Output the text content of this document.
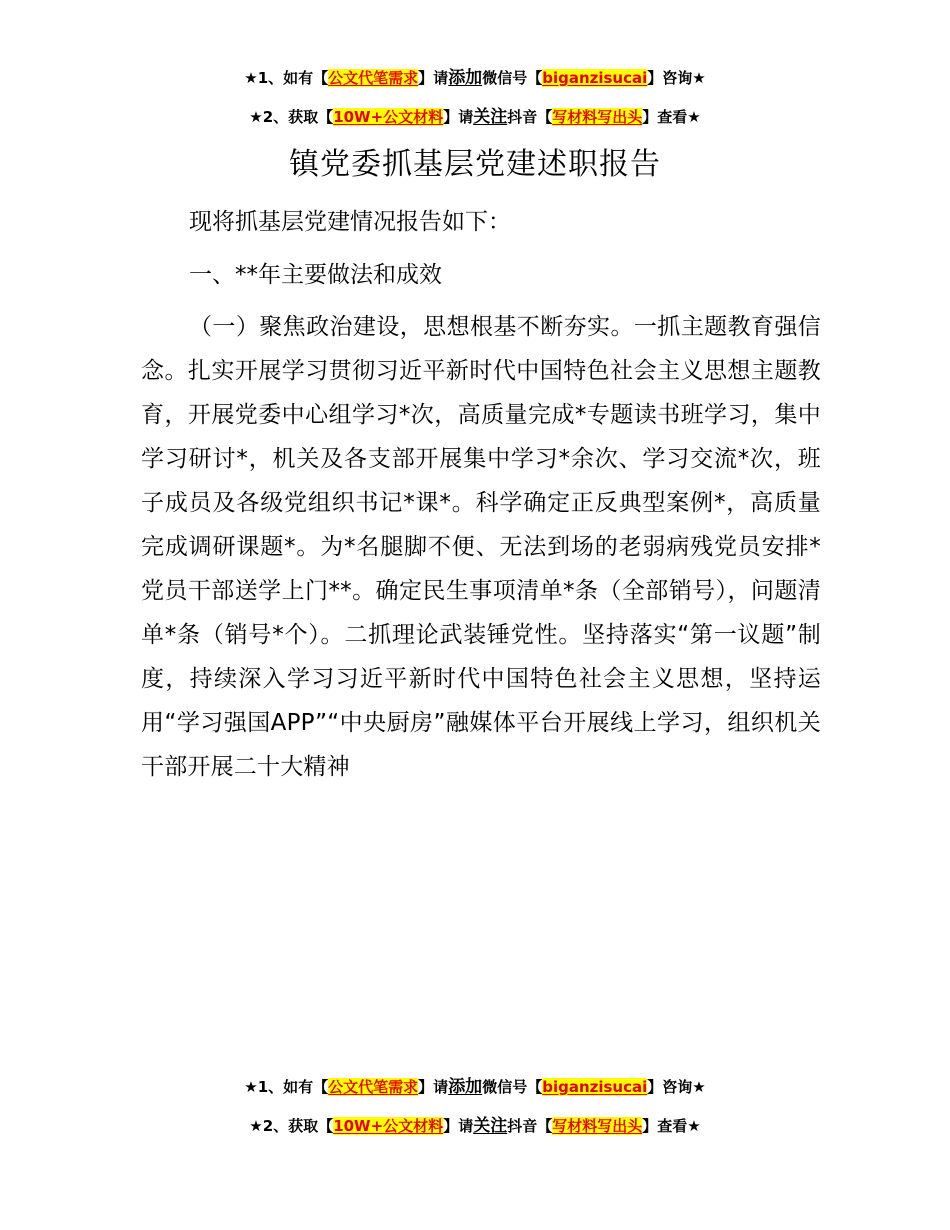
★1、如有【公文代笔需求】请添加微信号【biganzisucai】咨询★
★2、获取【10W+公文材料】请关注抖音【写材料写出头】查看★
镇党委抓基层党建述职报告

现将抓基层党建情况报告如下：

一、**年主要做法和成效

（一）聚焦政治建设，思想根基不断夯实。一抓主题教育强信念。扎实开展学习贯彻习近平新时代中国特色社会主义思想主题教育，开展党委中心组学习*次，高质量完成*专题读书班学习，集中学习研讨*，机关及各支部开展集中学习*余次、学习交流*次，班子成员及各级党组织书记*课*。科学确定正反典型案例*，高质量完成调研课题*。为*名腿脚不便、无法到场的老弱病残党员安排*党员干部送学上门**。确定民生事项清单*条（全部销号），问题清单*条（销号*个）。二抓理论武装锤党性。坚持落实“第一议题”制度，持续深入学习习近平新时代中国特色社会主义思想，坚持运用“学习强国APP”“中央厨房”融媒体平台开展线上学习，组织机关干部开展二十大精神

★1、如有【公文代笔需求】请添加微信号【biganzisucai】咨询★
★2、获取【10W+公文材料】请关注抖音【写材料写出头】查看★
